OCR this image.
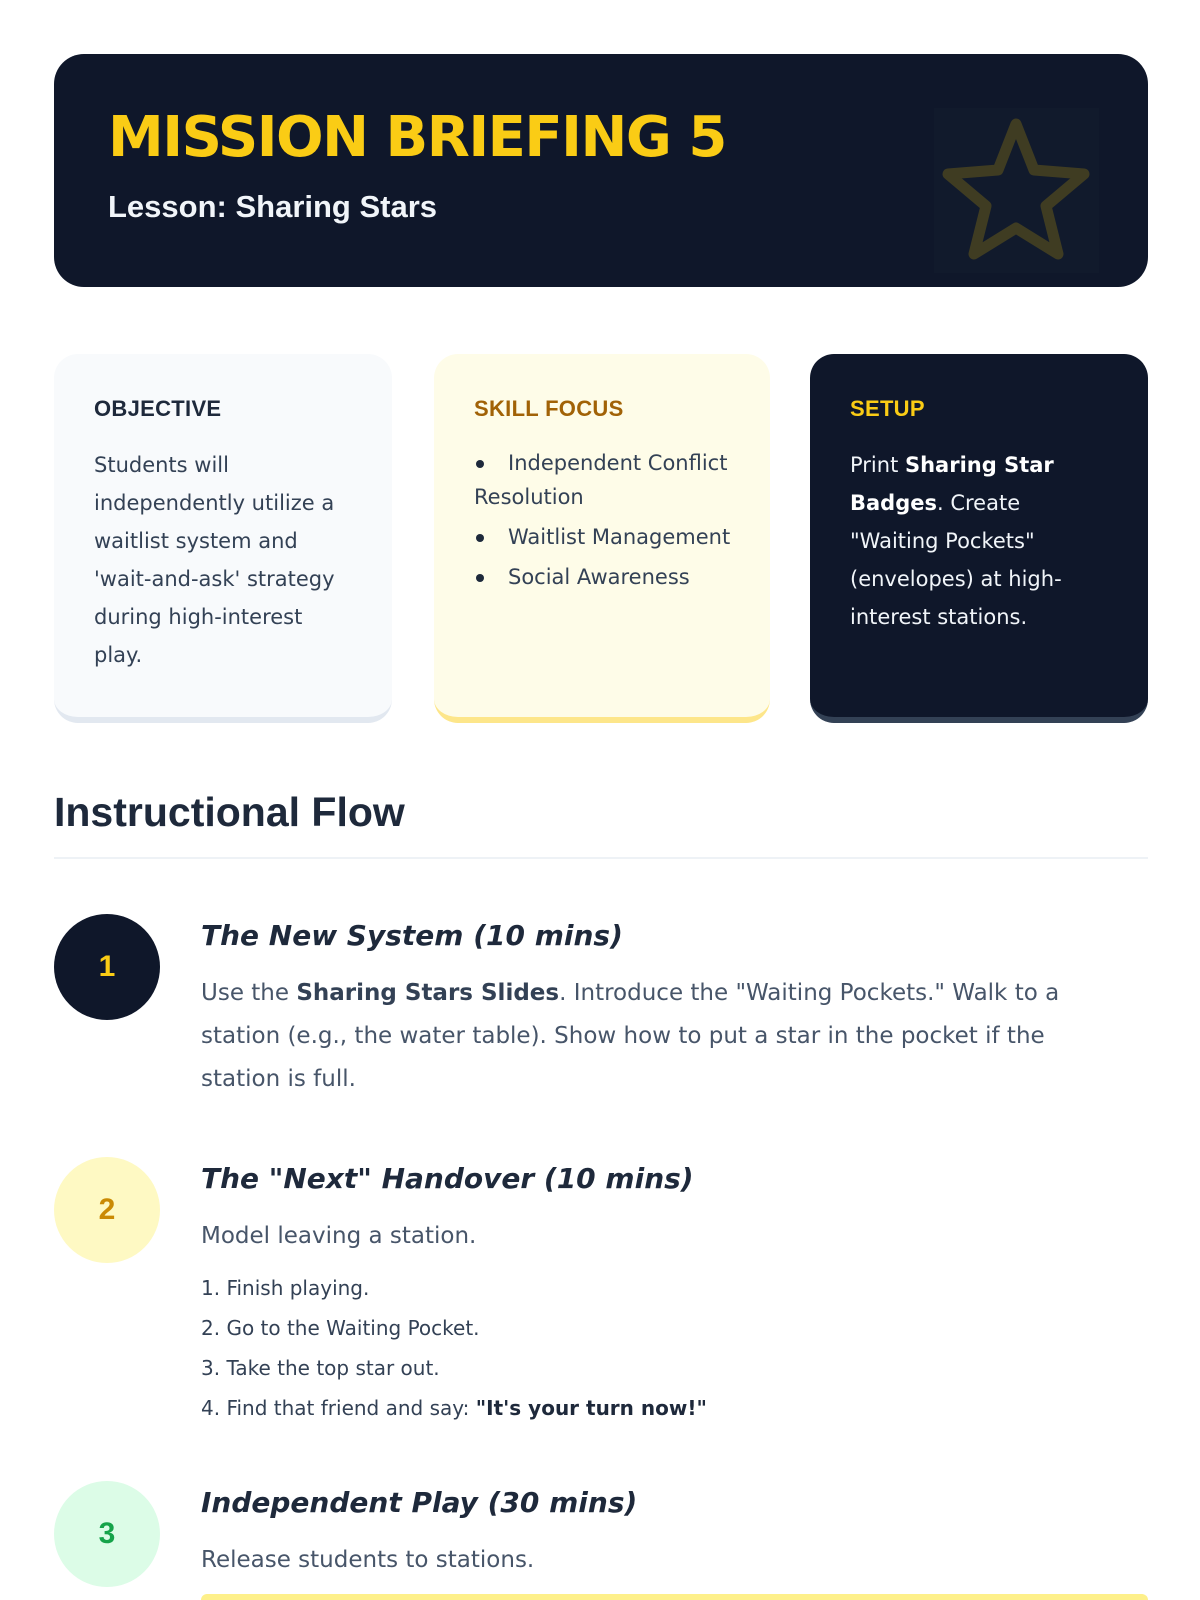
MISSION BRIEFING 5
Lesson: Sharing Stars
OBJECTIVE
Students will independently utilize a waitlist system and 'wait-and-ask' strategy during high-interest play.
SKILL FOCUS
Independent Conflict Resolution
Waitlist Management
Social Awareness
SETUP
Print Sharing Star Badges. Create "Waiting Pockets" (envelopes) at high-interest stations.
Instructional Flow
1
The New System (10 mins)
Use the Sharing Stars Slides. Introduce the "Waiting Pockets." Walk to a station (e.g., the water table). Show how to put a star in the pocket if the station is full.
2
The "Next" Handover (10 mins)
Model leaving a station.
1. Finish playing.
2. Go to the Waiting Pocket.
3. Take the top star out.
4. Find that friend and say: "It's your turn now!"
3
Independent Play (30 mins)
Release students to stations.
